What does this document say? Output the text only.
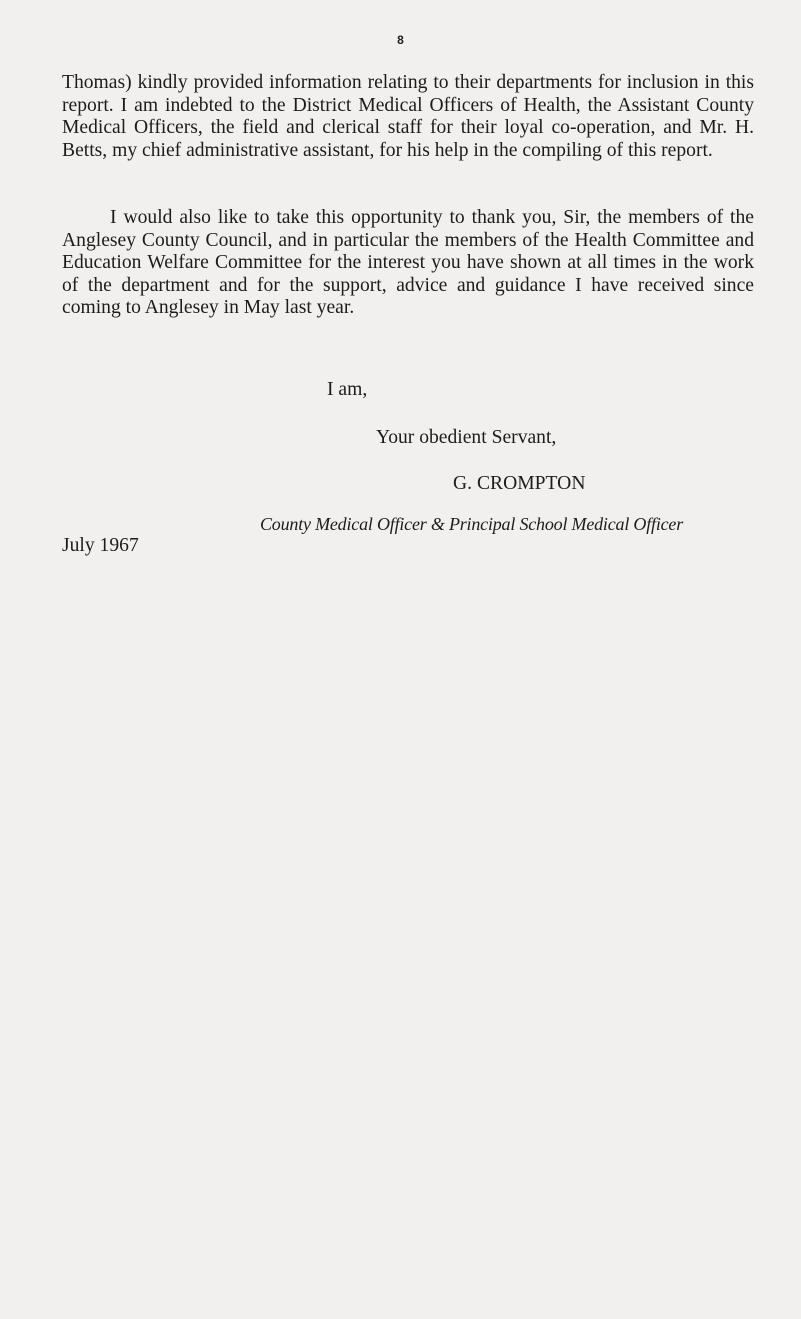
8

Thomas) kindly provided information relating to their departments for inclusion in this report. I am indebted to the District Medical Officers of Health, the Assistant County Medical Officers, the field and clerical staff for their loyal co-operation, and Mr. H. Betts, my chief administrative assistant, for his help in the compiling of this report.

I would also like to take this opportunity to thank you, Sir, the members of the Anglesey County Council, and in particular the members of the Health Committee and Education Welfare Committee for the interest you have shown at all times in the work of the department and for the support, advice and guidance I have received since coming to Anglesey in May last year.

I am,
Your obedient Servant,
G. CROMPTON
County Medical Officer & Principal School Medical Officer
July 1967
